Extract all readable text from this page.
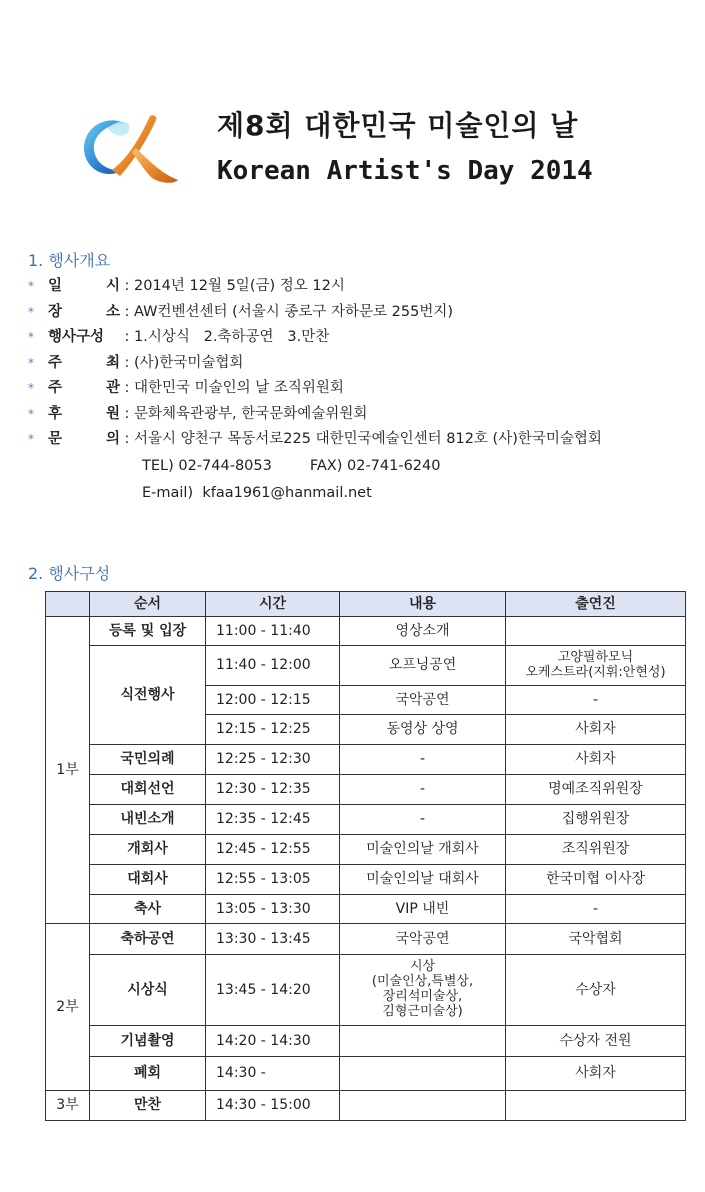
제8회 대한민국 미술인의 날
Korean Artist's Day 2014
1. 행사개요
* 일	시 : 2014년 12월 5일(금) 정오 12시
* 장	소 : AW컨벤션센터 (서울시 종로구 자하문로 255번지)
* 행사구성	: 1.시상식   2.축하공연   3.만찬
* 주	최 : (사)한국미술협회
* 주	관 : 대한민국 미술인의 날 조직위원회
* 후	원 : 문화체육관광부, 한국문화예술위원회
* 문	의 : 서울시 양천구 목동서로225 대한민국예술인센터 812호 (사)한국미술협회
TEL) 02-744-8053	FAX) 02-741-6240
E-mail)  kfaa1961@hanmail.net
2. 행사구성
	순서	시간	내용	출연진
1부	등록 및 입장	11:00 - 11:40	영상소개	
	식전행사	11:40 - 12:00	오프닝공연	고양필하모닉
오케스트라(지휘:안현성)

		12:00 - 12:15	국악공연	-
		12:15 - 12:25	동영상 상영	사회자
	국민의례	12:25 - 12:30	-	사회자
	대회선언	12:30 - 12:35	-	명예조직위원장
	내빈소개	12:35 - 12:45	-	집행위원장
	개회사	12:45 - 12:55	미술인의날 개회사	조직위원장
	대회사	12:55 - 13:05	미술인의날 대회사	한국미협 이사장
	축사	13:05 - 13:30	VIP 내빈	-
2부	축하공연	13:30 - 13:45	국악공연	국악협회
	시상식	13:45 - 14:20	시상
(미술인상,특별상,
장리석미술상,
김형근미술상)	수상자
	기념촬영	14:20 - 14:30		수상자 전원
	폐회	14:30 -		사회자
3부	만찬	14:30 - 15:00		
